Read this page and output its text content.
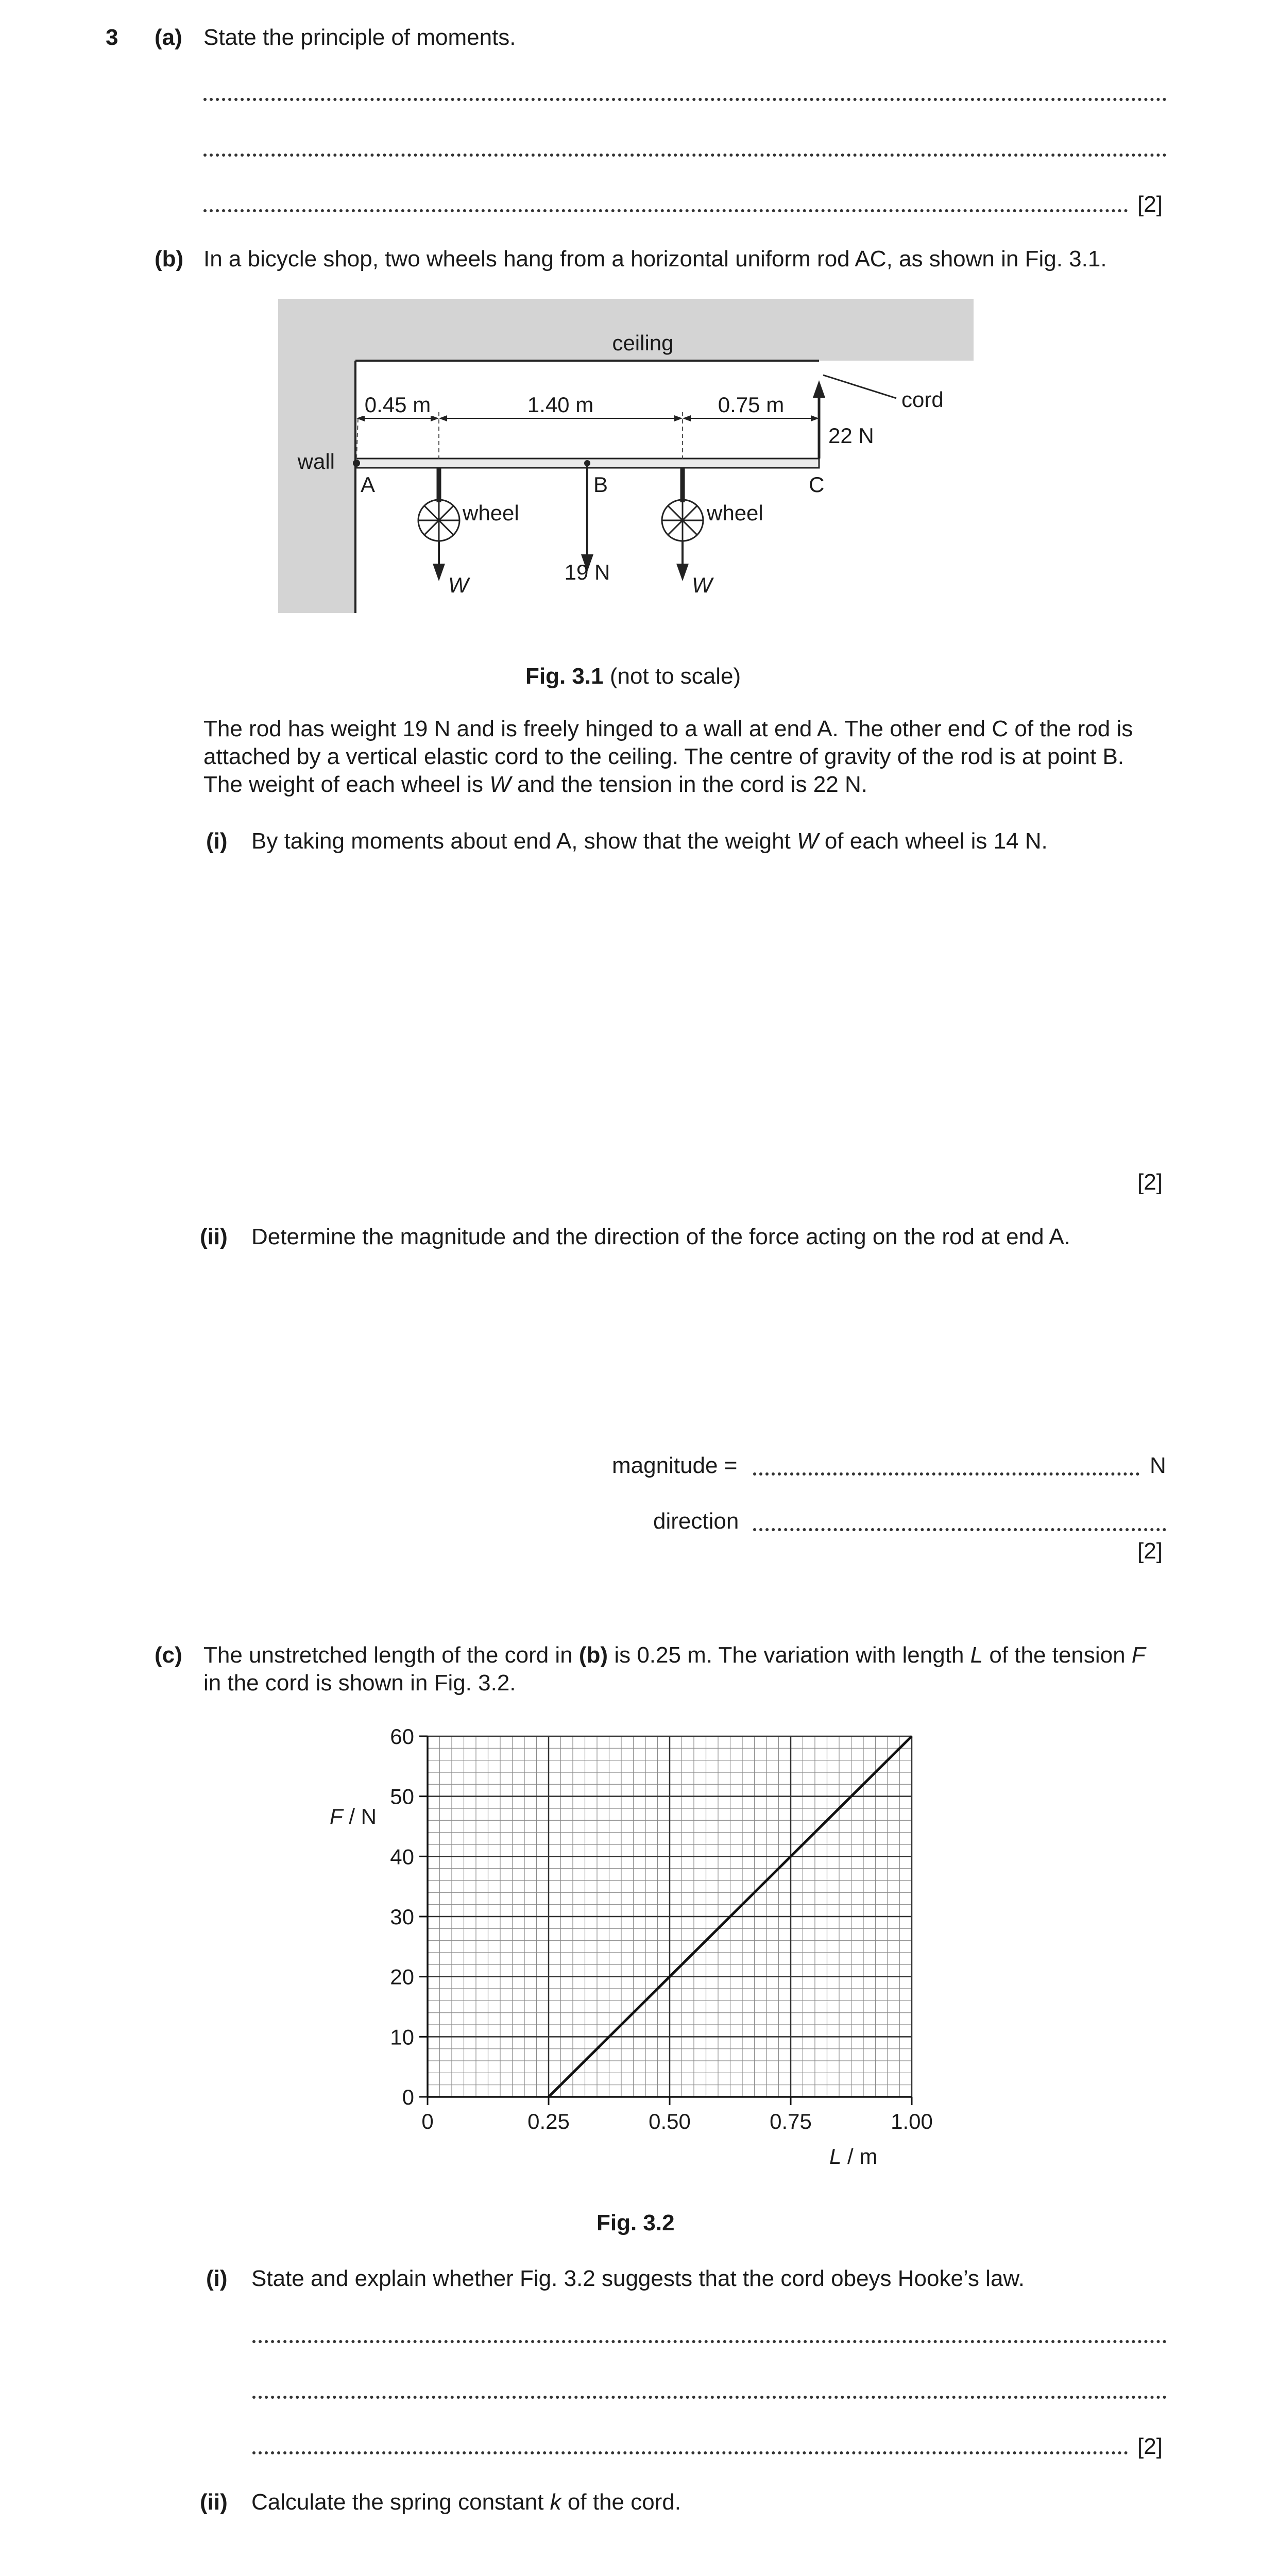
3 (a) State the principle of moments.
[2]
(b) In a bicycle shop, two wheels hang from a horizontal uniform rod AC, as shown in Fig. 3.1.
ceiling
wall
A	B	C
22 N
cord
0.45 m	1.40 m	0.75 m
wheel
W
19 N
wheel
W
Fig. 3.1 (not to scale)
The rod has weight 19 N and is freely hinged to a wall at end A. The other end C of the rod is
attached by a vertical elastic cord to the ceiling. The centre of gravity of the rod is at point B.
The weight of each wheel is W and the tension in the cord is 22 N.
(i) By taking moments about end A, show that the weight W of each wheel is 14 N.
[2]
(ii) Determine the magnitude and the direction of the force acting on the rod at end A.
magnitude =	N
direction
[2]
(c) The unstretched length of the cord in (b) is 0.25 m. The variation with length L of the tension F
in the cord is shown in Fig. 3.2.
0	0.25	0.50	0.75	1.00
0
10
20
30
40
50
60
F / N
L / m
Fig. 3.2
(i) State and explain whether Fig. 3.2 suggests that the cord obeys Hooke’s law.
[2]
(ii) Calculate the spring constant k of the cord.
